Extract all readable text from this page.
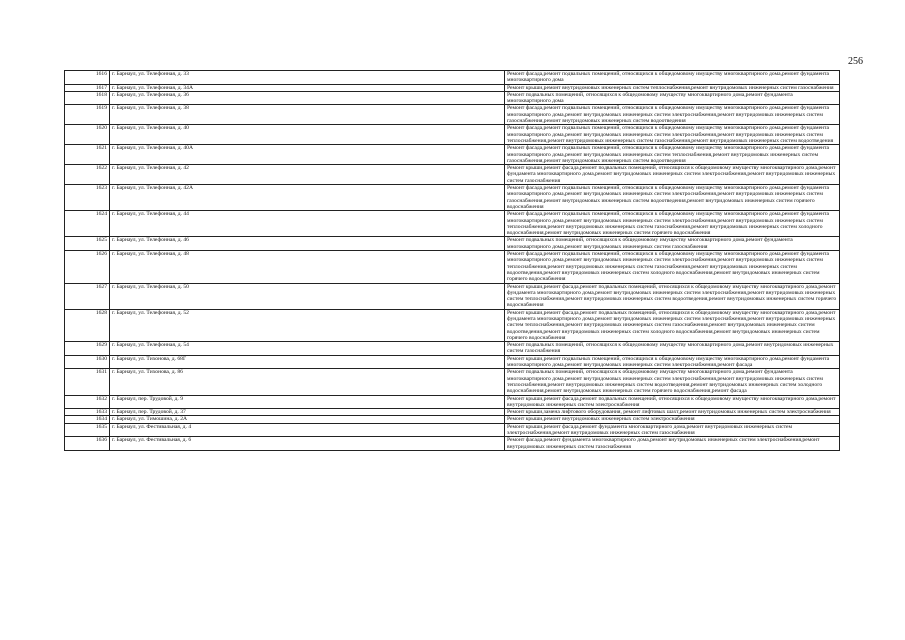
256
1616	г. Барнаул, ул. Телефонная, д. 33	Ремонт фасада,ремонт подвальных помещений, относящихся к общедомовому имуществу многоквартирного дома,ремонт фундамента многоквартирного дома
1617	г. Барнаул, ул. Телефонная, д. 34А	Ремонт крыши,ремонт внутридомовых инженерных систем теплоснабжения,ремонт внутридомовых инженерных систем газоснабжения
1618	г. Барнаул, ул. Телефонная, д. 36	Ремонт подвальных помещений, относящихся к общедомовому имуществу многоквартирного дома,ремонт фундамента многоквартирного дома
1619	г. Барнаул, ул. Телефонная, д. 38	Ремонт фасада,ремонт подвальных помещений, относящихся к общедомовому имуществу многоквартирного дома,ремонт фундамента многоквартирного дома,ремонт внутридомовых инженерных систем электроснабжения,ремонт внутридомовых инженерных систем газоснабжения,ремонт внутридомовых инженерных систем водоотведения
1620	г. Барнаул, ул. Телефонная, д. 40	Ремонт фасада,ремонт подвальных помещений, относящихся к общедомовому имуществу многоквартирного дома,ремонт фундамента многоквартирного дома,ремонт внутридомовых инженерных систем электроснабжения,ремонт внутридомовых инженерных систем теплоснабжения,ремонт внутридомовых инженерных систем газоснабжения,ремонт внутридомовых инженерных систем водоотведения
1621	г. Барнаул, ул. Телефонная, д. 40А	Ремонт фасада,ремонт подвальных помещений, относящихся к общедомовому имуществу многоквартирного дома,ремонт фундамента многоквартирного дома,ремонт внутридомовых инженерных систем теплоснабжения,ремонт внутридомовых инженерных систем газоснабжения,ремонт внутридомовых инженерных систем водоотведения
1622	г. Барнаул, ул. Телефонная, д. 42	Ремонт крыши,ремонт фасада,ремонт подвальных помещений, относящихся к общедомовому имуществу многоквартирного дома,ремонт фундамента многоквартирного дома,ремонт внутридомовых инженерных систем электроснабжения,ремонт внутридомовых инженерных систем газоснабжения
1623	г. Барнаул, ул. Телефонная, д. 42А	Ремонт фасада,ремонт подвальных помещений, относящихся к общедомовому имуществу многоквартирного дома,ремонт фундамента многоквартирного дома,ремонт внутридомовых инженерных систем электроснабжения,ремонт внутридомовых инженерных систем газоснабжения,ремонт внутридомовых инженерных систем водоотведения,ремонт внутридомовых инженерных систем горячего водоснабжения
1624	г. Барнаул, ул. Телефонная, д. 44	Ремонт фасада,ремонт подвальных помещений, относящихся к общедомовому имуществу многоквартирного дома,ремонт фундамента многоквартирного дома,ремонт внутридомовых инженерных систем электроснабжения,ремонт внутридомовых инженерных систем теплоснабжения,ремонт внутридомовых инженерных систем газоснабжения,ремонт внутридомовых инженерных систем холодного водоснабжения,ремонт внутридомовых инженерных систем горячего водоснабжения
1625	г. Барнаул, ул. Телефонная, д. 46	Ремонт подвальных помещений, относящихся к общедомовому имуществу многоквартирного дома,ремонт фундамента многоквартирного дома,ремонт внутридомовых инженерных систем газоснабжения
1626	г. Барнаул, ул. Телефонная, д. 48	Ремонт фасада,ремонт подвальных помещений, относящихся к общедомовому имуществу многоквартирного дома,ремонт фундамента многоквартирного дома,ремонт внутридомовых инженерных систем электроснабжения,ремонт внутридомовых инженерных систем теплоснабжения,ремонт внутридомовых инженерных систем газоснабжения,ремонт внутридомовых инженерных систем водоотведения,ремонт внутридомовых инженерных систем холодного водоснабжения,ремонт внутридомовых инженерных систем горячего водоснабжения
1627	г. Барнаул, ул. Телефонная, д. 50	Ремонт крыши,ремонт фасада,ремонт подвальных помещений, относящихся к общедомовому имуществу многоквартирного дома,ремонт фундамента многоквартирного дома,ремонт внутридомовых инженерных систем электроснабжения,ремонт внутридомовых инженерных систем теплоснабжения,ремонт внутридомовых инженерных систем водоотведения,ремонт внутридомовых инженерных систем горячего водоснабжения
1628	г. Барнаул, ул. Телефонная, д. 52	Ремонт крыши,ремонт фасада,ремонт подвальных помещений, относящихся к общедомовому имуществу многоквартирного дома,ремонт фундамента многоквартирного дома,ремонт внутридомовых инженерных систем электроснабжения,ремонт внутридомовых инженерных систем теплоснабжения,ремонт внутридомовых инженерных систем газоснабжения,ремонт внутридомовых инженерных систем водоотведения,ремонт внутридомовых инженерных систем холодного водоснабжения,ремонт внутридомовых инженерных систем горячего водоснабжения
1629	г. Барнаул, ул. Телефонная, д. 54	Ремонт подвальных помещений, относящихся к общедомовому имуществу многоквартирного дома,ремонт внутридомовых инженерных систем газоснабжения
1630	г. Барнаул, ул. Тихонова, д. 68Г	Ремонт крыши,ремонт подвальных помещений, относящихся к общедомовому имуществу многоквартирного дома,ремонт фундамента многоквартирного дома,ремонт внутридомовых инженерных систем электроснабжения,ремонт фасада
1631	г. Барнаул, ул. Тихонова, д. 86	Ремонт подвальных помещений, относящихся к общедомовому имуществу многоквартирного дома,ремонт фундамента многоквартирного дома,ремонт внутридомовых инженерных систем электроснабжения,ремонт внутридомовых инженерных систем теплоснабжения,ремонт внутридомовых инженерных систем водоотведения,ремонт внутридомовых инженерных систем холодного водоснабжения,ремонт внутридомовых инженерных систем горячего водоснабжения,ремонт фасада
1632	г. Барнаул, пер. Трудовой, д. 9	Ремонт крыши,ремонт фасада,ремонт подвальных помещений, относящихся к общедомовому имуществу многоквартирного дома,ремонт внутридомовых инженерных систем электроснабжения
1633	г. Барнаул, пер. Трудовой, д. 37	Ремонт крыши,замена лифтового оборудования, ремонт лифтовых шахт,ремонт внутридомовых инженерных систем электроснабжения
1634	г. Барнаул, ул. Тимошина, д. 2А	Ремонт крыши,ремонт внутридомовых инженерных систем электроснабжения
1635	г. Барнаул, ул. Фестивальная, д. 4	Ремонт крыши,ремонт фасада,ремонт фундамента многоквартирного дома,ремонт внутридомовых инженерных систем электроснабжения,ремонт внутридомовых инженерных систем газоснабжения
1636	г. Барнаул, ул. Фестивальная, д. 6	Ремонт фасада,ремонт фундамента многоквартирного дома,ремонт внутридомовых инженерных систем электроснабжения,ремонт внутридомовых инженерных систем газоснабжения
